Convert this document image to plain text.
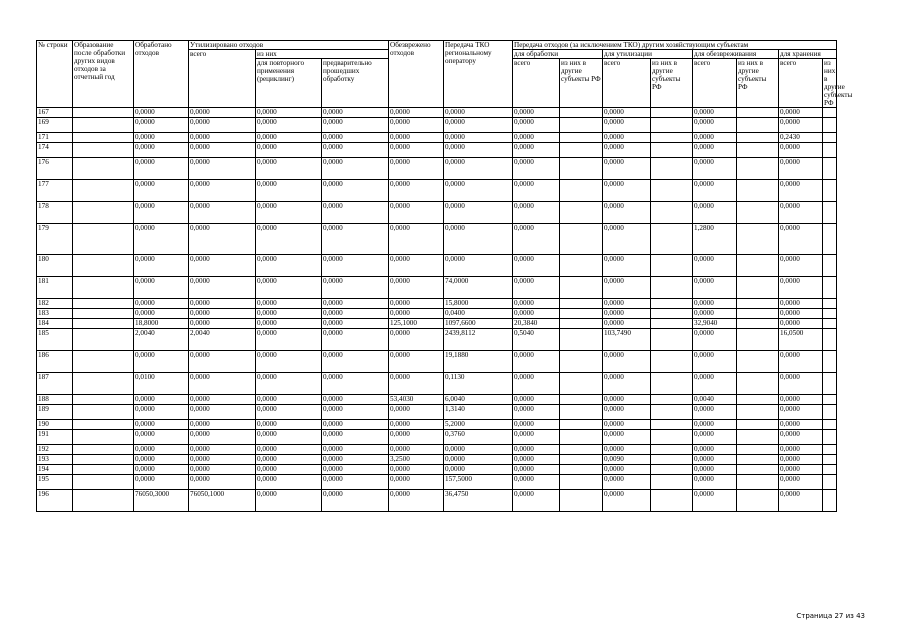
№ строки	Образование после обработки других видов отходов за отчетный год	Обработано отходов	Утилизировано отходов			Обезврежено отходов	Передача ТКО региональному оператору	Передача отходов (за исключением ТКО) другим хозяйствующим субъектам							
			всего	из них				для обработки		для утилизации		для обезвреживания		для хранения	
				для повторного применения (рециклинг)	предварительно прошедших обработку			всего	из них в другие субъекты РФ	всего	из них в другие субъекты РФ	всего	из них в другие субъекты РФ	всего	из них в другие субъекты РФ
167		0,0000	0,0000	0,0000	0,0000	0,0000	0,0000	0,0000		0,0000		0,0000		0,0000	
169		0,0000	0,0000	0,0000	0,0000	0,0000	0,0000	0,0000		0,0000		0,0000		0,0000	
171		0,0000	0,0000	0,0000	0,0000	0,0000	0,0000	0,0000		0,0000		0,0000		0,2430	
174		0,0000	0,0000	0,0000	0,0000	0,0000	0,0000	0,0000		0,0000		0,0000		0,0000	
176		0,0000	0,0000	0,0000	0,0000	0,0000	0,0000	0,0000		0,0000		0,0000		0,0000	
177		0,0000	0,0000	0,0000	0,0000	0,0000	0,0000	0,0000		0,0000		0,0000		0,0000	
178		0,0000	0,0000	0,0000	0,0000	0,0000	0,0000	0,0000		0,0000		0,0000		0,0000	
179		0,0000	0,0000	0,0000	0,0000	0,0000	0,0000	0,0000		0,0000		1,2800		0,0000	
180		0,0000	0,0000	0,0000	0,0000	0,0000	0,0000	0,0000		0,0000		0,0000		0,0000	
181		0,0000	0,0000	0,0000	0,0000	0,0000	74,0000	0,0000		0,0000		0,0000		0,0000	
182		0,0000	0,0000	0,0000	0,0000	0,0000	15,8000	0,0000		0,0000		0,0000		0,0000	
183		0,0000	0,0000	0,0000	0,0000	0,0000	0,0400	0,0000		0,0000		0,0000		0,0000	
184		18,8000	0,0000	0,0000	0,0000	125,1000	1097,6600	20,3840		0,0000		32,9040		0,0000	
185		2,0040	2,0040	0,0000	0,0000	0,0000	2439,8112	0,5040		103,7490		0,0000		16,0500	
186		0,0000	0,0000	0,0000	0,0000	0,0000	19,1880	0,0000		0,0000		0,0000		0,0000	
187		0,0100	0,0000	0,0000	0,0000	0,0000	0,1130	0,0000		0,0000		0,0000		0,0000	
188		0,0000	0,0000	0,0000	0,0000	53,4030	6,0040	0,0000		0,0000		0,0040		0,0000	
189		0,0000	0,0000	0,0000	0,0000	0,0000	1,3140	0,0000		0,0000		0,0000		0,0000	
190		0,0000	0,0000	0,0000	0,0000	0,0000	5,2000	0,0000		0,0000		0,0000		0,0000	
191		0,0000	0,0000	0,0000	0,0000	0,0000	0,3760	0,0000		0,0000		0,0000		0,0000	
192		0,0000	0,0000	0,0000	0,0000	0,0000	0,0000	0,0000		0,0000		0,0000		0,0000	
193		0,0000	0,0000	0,0000	0,0000	3,2500	0,0000	0,0000		0,0090		0,0000		0,0000	
194		0,0000	0,0000	0,0000	0,0000	0,0000	0,0000	0,0000		0,0000		0,0000		0,0000	
195		0,0000	0,0000	0,0000	0,0000	0,0000	157,5000	0,0000		0,0000		0,0000		0,0000	
196		76050,3000	76050,1000	0,0000	0,0000	0,0000	36,4750	0,0000		0,0000		0,0000		0,0000	
Страница 27 из 43
